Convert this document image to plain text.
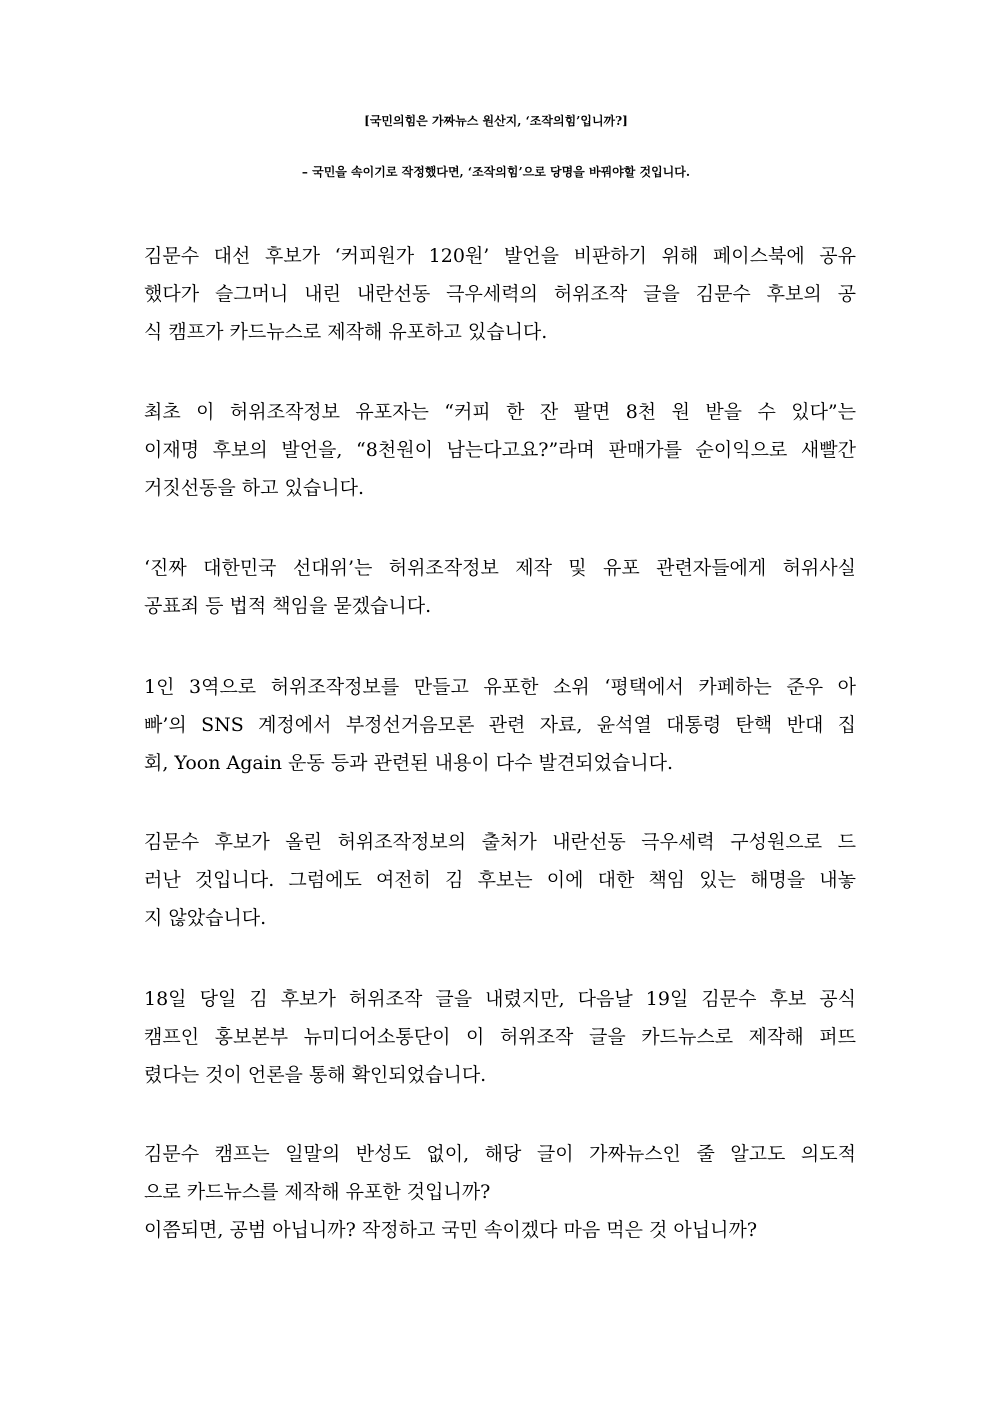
[국민의힘은 가짜뉴스 원산지, ‘조작의힘’입니까?]
– 국민을 속이기로 작정했다면, ‘조작의힘’으로 당명을 바꿔야할 것입니다.
김문수 대선 후보가 ‘커피원가 120원’ 발언을 비판하기 위해 페이스북에 공유
했다가 슬그머니 내린 내란선동 극우세력의 허위조작 글을 김문수 후보의 공
식 캠프가 카드뉴스로 제작해 유포하고 있습니다.
최초 이 허위조작정보 유포자는 “커피 한 잔 팔면 8천 원 받을 수 있다”는
이재명 후보의 발언을, “8천원이 남는다고요?”라며 판매가를 순이익으로 새빨간
거짓선동을 하고 있습니다.
‘진짜 대한민국 선대위’는 허위조작정보 제작 및 유포 관련자들에게 허위사실
공표죄 등 법적 책임을 묻겠습니다.
1인 3역으로 허위조작정보를 만들고 유포한 소위 ‘평택에서 카페하는 준우 아
빠’의 SNS 계정에서 부정선거음모론 관련 자료, 윤석열 대통령 탄핵 반대 집
회, Yoon Again 운동 등과 관련된 내용이 다수 발견되었습니다.
김문수 후보가 올린 허위조작정보의 출처가 내란선동 극우세력 구성원으로 드
러난 것입니다. 그럼에도 여전히 김 후보는 이에 대한 책임 있는 해명을 내놓
지 않았습니다.
18일 당일 김 후보가 허위조작 글을 내렸지만, 다음날 19일 김문수 후보 공식
캠프인 홍보본부 뉴미디어소통단이 이 허위조작 글을 카드뉴스로 제작해 퍼뜨
렸다는 것이 언론을 통해 확인되었습니다.
김문수 캠프는 일말의 반성도 없이, 해당 글이 가짜뉴스인 줄 알고도 의도적
으로 카드뉴스를 제작해 유포한 것입니까?
이쯤되면, 공범 아닙니까? 작정하고 국민 속이겠다 마음 먹은 것 아닙니까?
